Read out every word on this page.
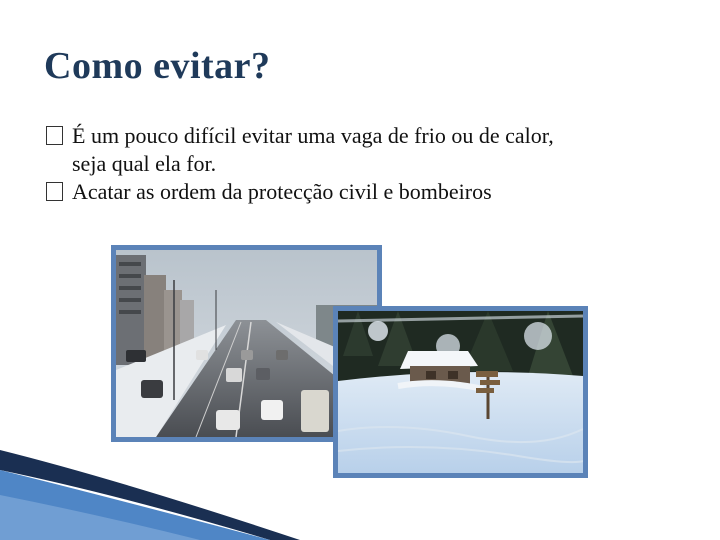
Como evitar?
É um pouco difícil evitar uma vaga de frio ou de calor,
seja qual ela for.
Acatar as ordem da protecção civil e bombeiros
